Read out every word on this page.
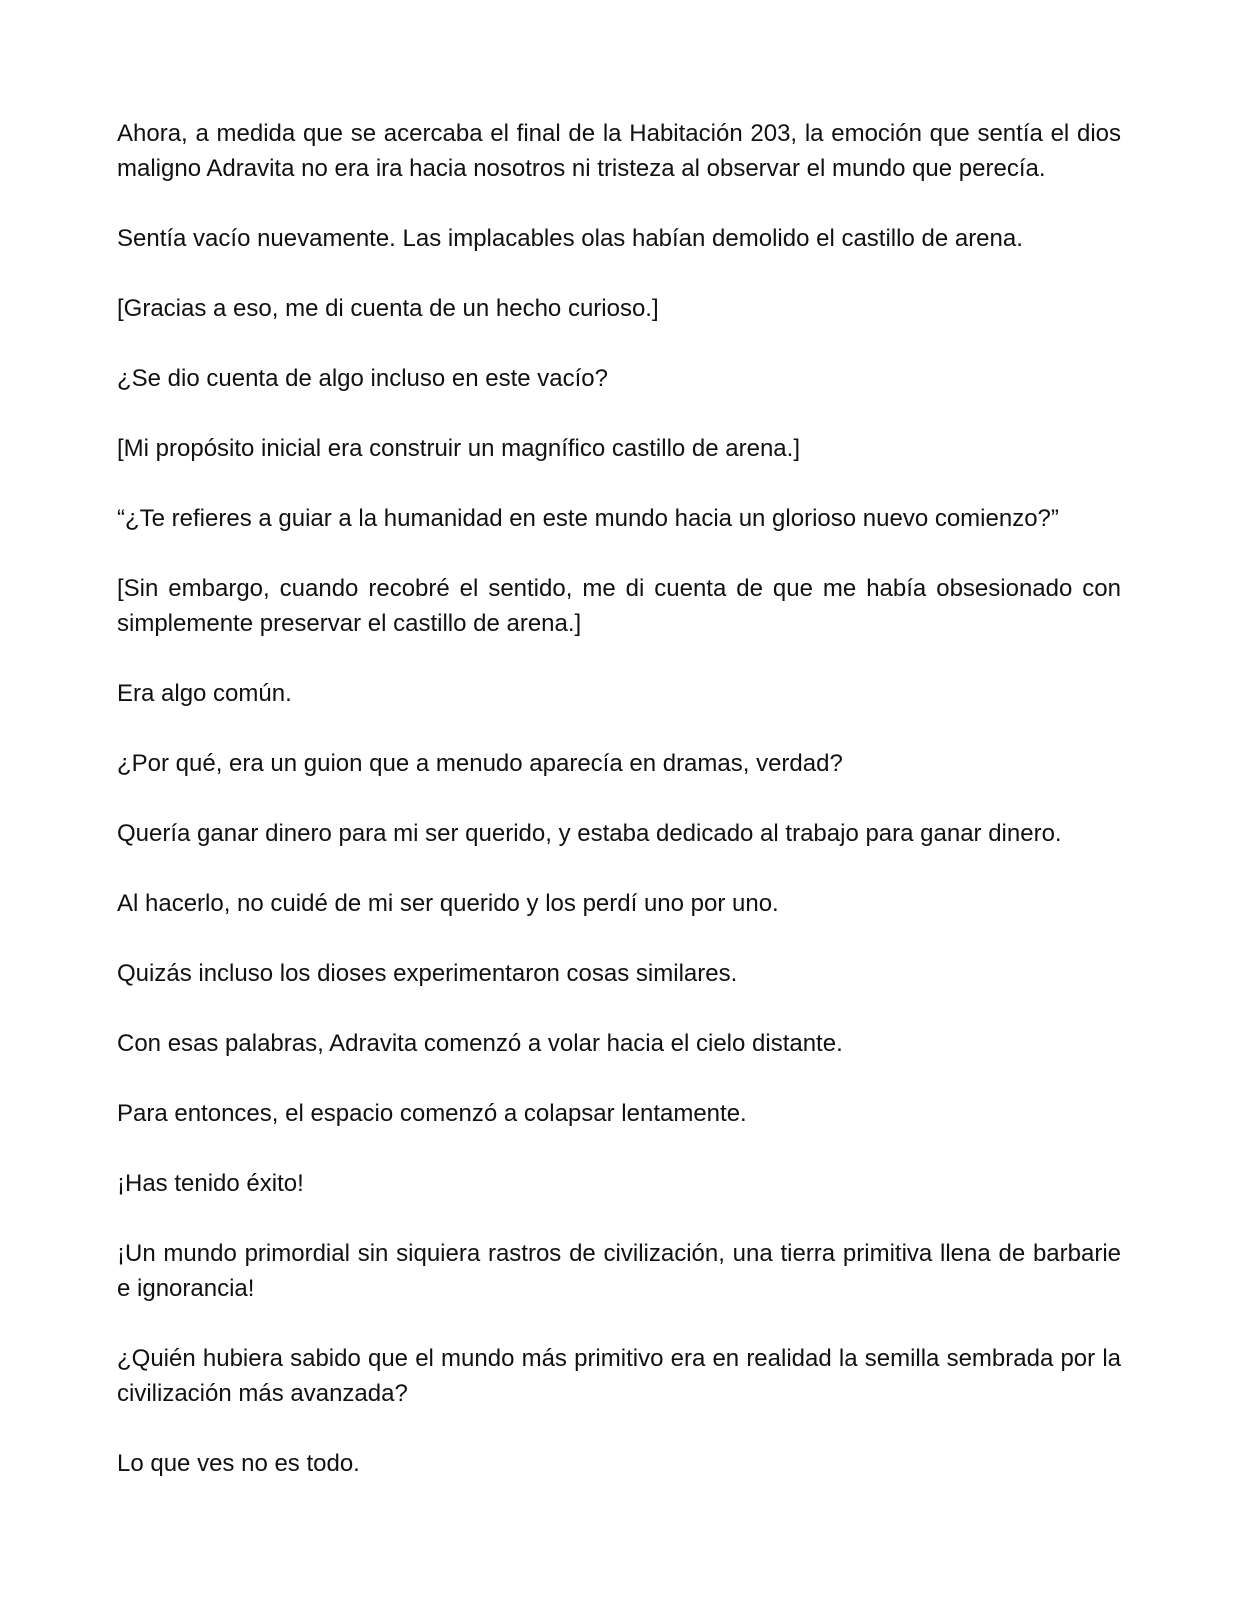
Ahora, a medida que se acercaba el final de la Habitación 203, la emoción que sentía el dios maligno Adravita no era ira hacia nosotros ni tristeza al observar el mundo que perecía.

Sentía vacío nuevamente. Las implacables olas habían demolido el castillo de arena.

[Gracias a eso, me di cuenta de un hecho curioso.]

¿Se dio cuenta de algo incluso en este vacío?

[Mi propósito inicial era construir un magnífico castillo de arena.]

“¿Te refieres a guiar a la humanidad en este mundo hacia un glorioso nuevo comienzo?”

[Sin embargo, cuando recobré el sentido, me di cuenta de que me había obsesionado con simplemente preservar el castillo de arena.]

Era algo común.

¿Por qué, era un guion que a menudo aparecía en dramas, verdad?

Quería ganar dinero para mi ser querido, y estaba dedicado al trabajo para ganar dinero.

Al hacerlo, no cuidé de mi ser querido y los perdí uno por uno.

Quizás incluso los dioses experimentaron cosas similares.

Con esas palabras, Adravita comenzó a volar hacia el cielo distante.

Para entonces, el espacio comenzó a colapsar lentamente.

¡Has tenido éxito!

¡Un mundo primordial sin siquiera rastros de civilización, una tierra primitiva llena de barbarie e ignorancia!

¿Quién hubiera sabido que el mundo más primitivo era en realidad la semilla sembrada por la civilización más avanzada?

Lo que ves no es todo.
